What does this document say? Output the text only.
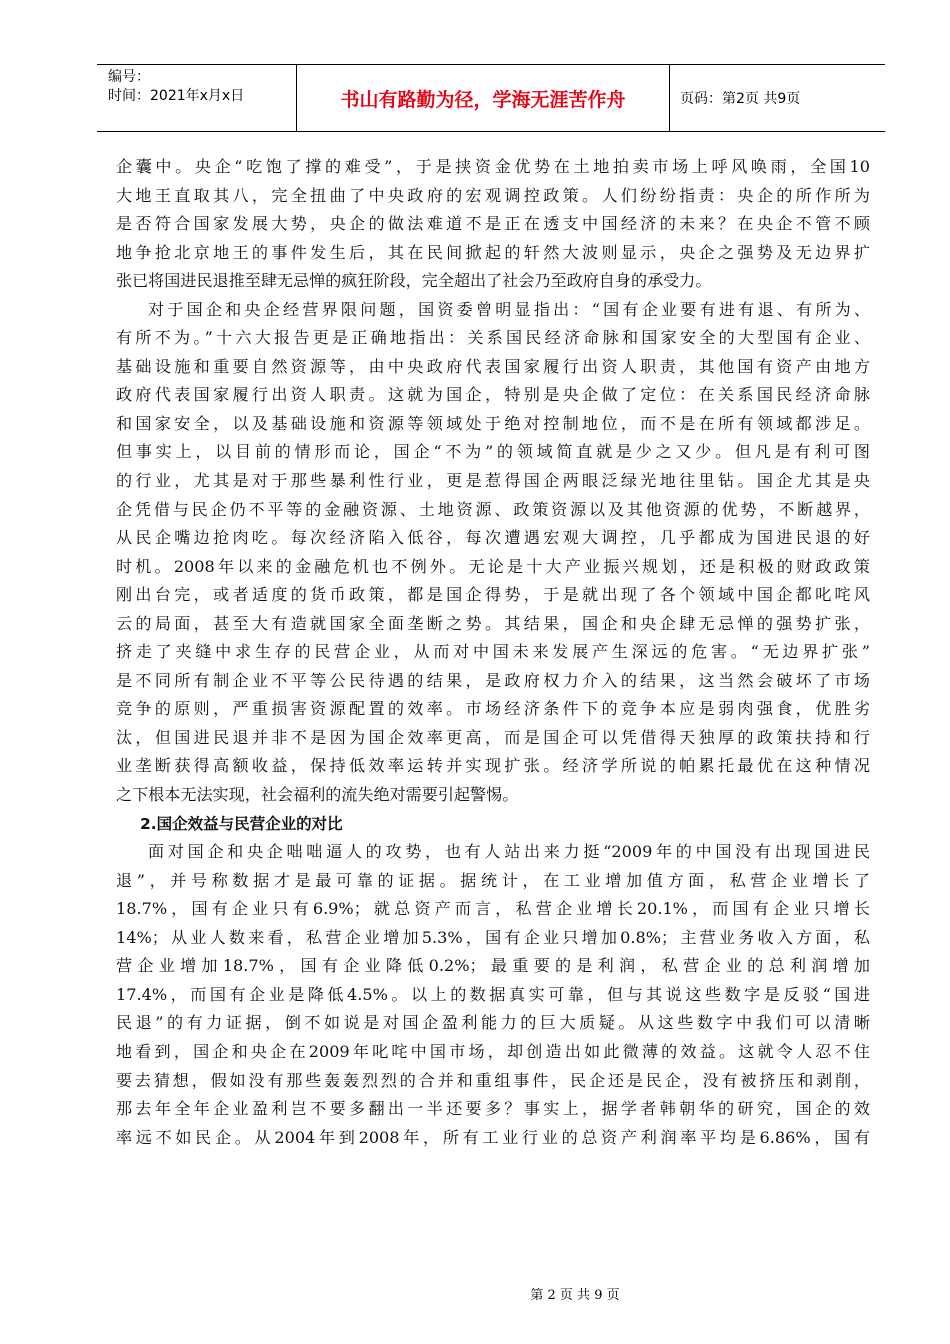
编号：
时间：2021年x月x日	书山有路勤为径，学海无涯苦作舟	页码：第2页 共9页
企囊中。央企“吃饱了撑的难受”，于是挟资金优势在土地拍卖市场上呼风唤雨，全国10
大地王直取其八，完全扭曲了中央政府的宏观调控政策。人们纷纷指责：央企的所作所为
是否符合国家发展大势，央企的做法难道不是正在透支中国经济的未来？在央企不管不顾
地争抢北京地王的事件发生后，其在民间掀起的轩然大波则显示，央企之强势及无边界扩
张已将国进民退推至肆无忌惮的疯狂阶段，完全超出了社会乃至政府自身的承受力。
对于国企和央企经营界限问题，国资委曾明显指出：“国有企业要有进有退、有所为、
有所不为。”十六大报告更是正确地指出：关系国民经济命脉和国家安全的大型国有企业、
基础设施和重要自然资源等，由中央政府代表国家履行出资人职责，其他国有资产由地方
政府代表国家履行出资人职责。这就为国企，特别是央企做了定位：在关系国民经济命脉
和国家安全，以及基础设施和资源等领域处于绝对控制地位，而不是在所有领域都涉足。
但事实上，以目前的情形而论，国企“不为”的领域简直就是少之又少。但凡是有利可图
的行业，尤其是对于那些暴利性行业，更是惹得国企两眼泛绿光地往里钻。国企尤其是央
企凭借与民企仍不平等的金融资源、土地资源、政策资源以及其他资源的优势，不断越界，
从民企嘴边抢肉吃。每次经济陷入低谷，每次遭遇宏观大调控，几乎都成为国进民退的好
时机。2008年以来的金融危机也不例外。无论是十大产业振兴规划，还是积极的财政政策
刚出台完，或者适度的货币政策，都是国企得势，于是就出现了各个领域中国企都叱咤风
云的局面，甚至大有造就国家全面垄断之势。其结果，国企和央企肆无忌惮的强势扩张，
挤走了夹缝中求生存的民营企业，从而对中国未来发展产生深远的危害。“无边界扩张”
是不同所有制企业不平等公民待遇的结果，是政府权力介入的结果，这当然会破坏了市场
竞争的原则，严重损害资源配置的效率。市场经济条件下的竞争本应是弱肉强食，优胜劣
汰，但国进民退并非不是因为国企效率更高，而是国企可以凭借得天独厚的政策扶持和行
业垄断获得高额收益，保持低效率运转并实现扩张。经济学所说的帕累托最优在这种情况
之下根本无法实现，社会福利的流失绝对需要引起警惕。
2.国企效益与民营企业的对比
面对国企和央企咄咄逼人的攻势，也有人站出来力挺“2009年的中国没有出现国进民
退”，并号称数据才是最可靠的证据。据统计，在工业增加值方面，私营企业增长了
18.7%，国有企业只有6.9%；就总资产而言，私营企业增长20.1%，而国有企业只增长
14%；从业人数来看，私营企业增加5.3%，国有企业只增加0.8%；主营业务收入方面，私
营企业增加18.7%，国有企业降低0.2%；最重要的是利润，私营企业的总利润增加
17.4%，而国有企业是降低4.5%。以上的数据真实可靠，但与其说这些数字是反驳“国进
民退”的有力证据，倒不如说是对国企盈利能力的巨大质疑。从这些数字中我们可以清晰
地看到，国企和央企在2009年叱咤中国市场，却创造出如此微薄的效益。这就令人忍不住
要去猜想，假如没有那些轰轰烈烈的合并和重组事件，民企还是民企，没有被挤压和剥削，
那去年全年企业盈利岂不要多翻出一半还要多？事实上，据学者韩朝华的研究，国企的效
率远不如民企。从2004年到2008年，所有工业行业的总资产利润率平均是6.86%，国有
第 2 页 共 9 页
